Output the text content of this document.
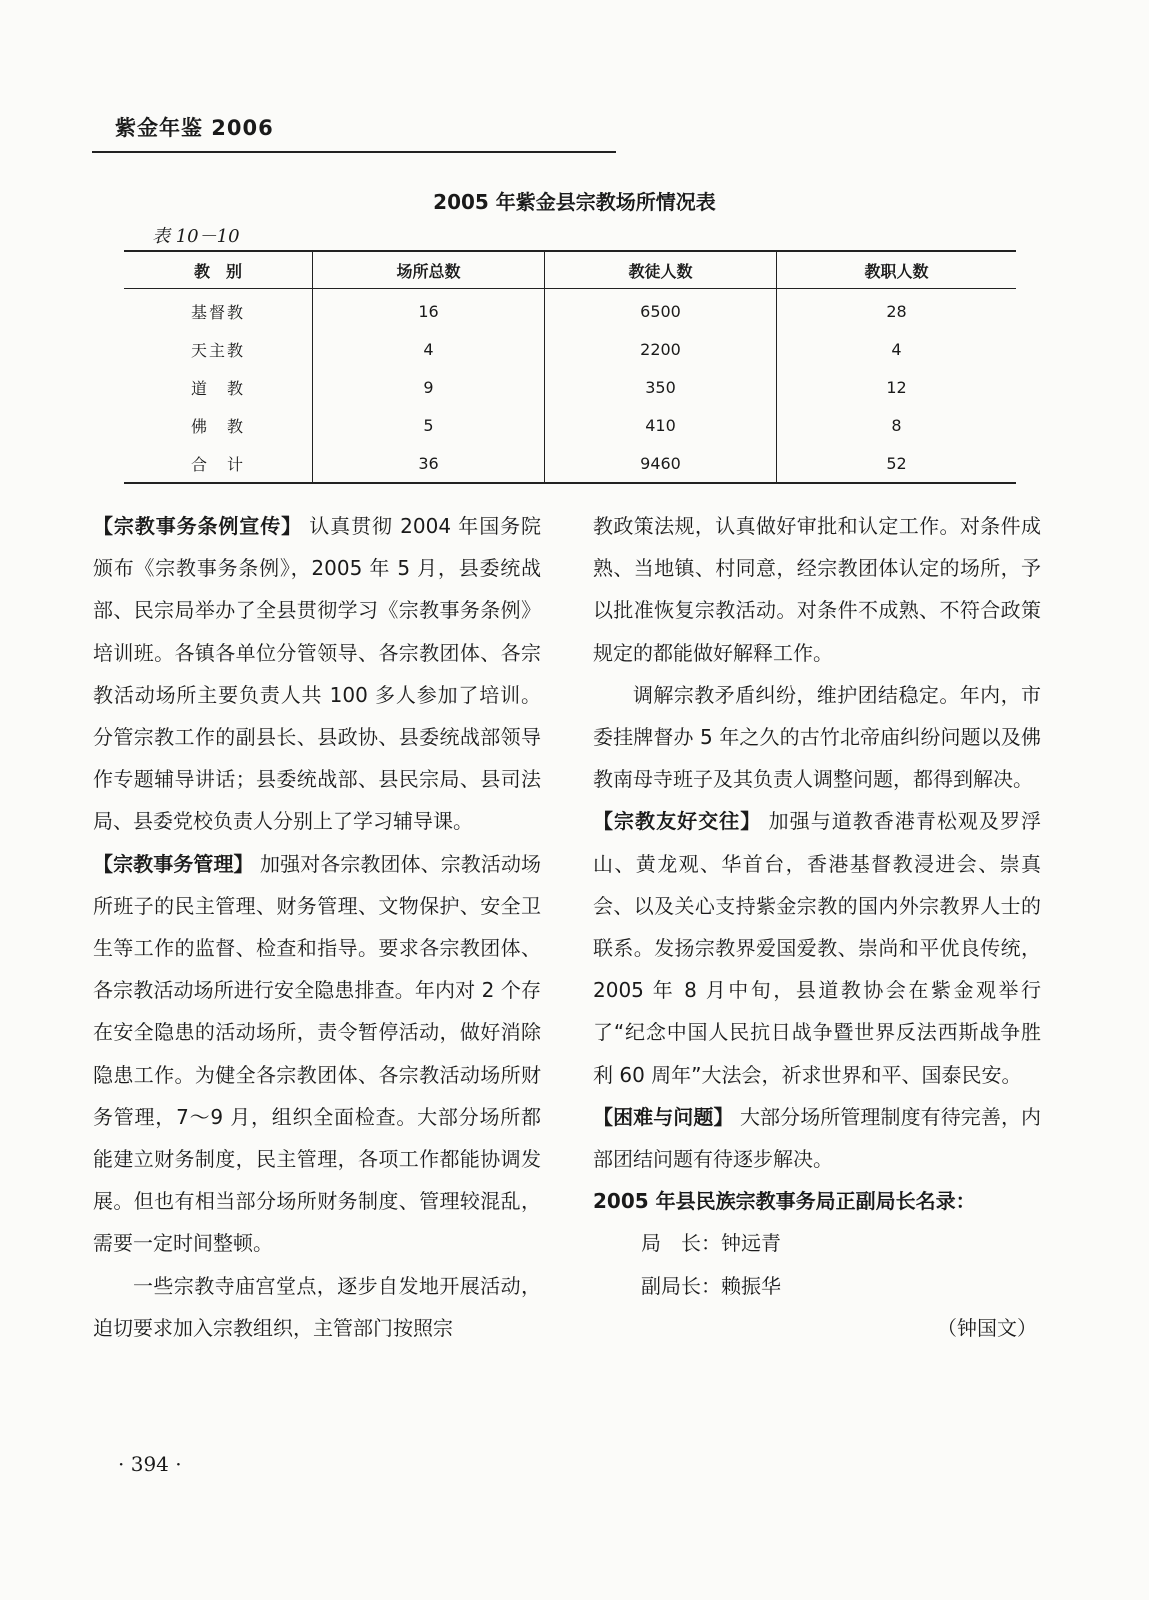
紫金年鉴 2006
2005 年紫金县宗教场所情况表
表 10－10
教　别	场所总数	教徒人数	教职人数
基督教	16	6500	28
天主教	4	2200	4
道　教	9	350	12
佛　教	5	410	8
合　计	36	9460	52

【宗教事务条例宣传】 认真贯彻 2004 年国务院颁布《宗教事务条例》，2005 年 5 月，县委统战部、民宗局举办了全县贯彻学习《宗教事务条例》培训班。各镇各单位分管领导、各宗教团体、各宗教活动场所主要负责人共 100 多人参加了培训。分管宗教工作的副县长、县政协、县委统战部领导作专题辅导讲话；县委统战部、县民宗局、县司法局、县委党校负责人分别上了学习辅导课。

【宗教事务管理】 加强对各宗教团体、宗教活动场所班子的民主管理、财务管理、文物保护、安全卫生等工作的监督、检查和指导。要求各宗教团体、各宗教活动场所进行安全隐患排查。年内对 2 个存在安全隐患的活动场所，责令暂停活动，做好消除隐患工作。为健全各宗教团体、各宗教活动场所财务管理，7～9 月，组织全面检查。大部分场所都能建立财务制度，民主管理，各项工作都能协调发展。但也有相当部分场所财务制度、管理较混乱，需要一定时间整顿。

一些宗教寺庙宫堂点，逐步自发地开展活动，迫切要求加入宗教组织，主管部门按照宗

教政策法规，认真做好审批和认定工作。对条件成熟、当地镇、村同意，经宗教团体认定的场所，予以批准恢复宗教活动。对条件不成熟、不符合政策规定的都能做好解释工作。

调解宗教矛盾纠纷，维护团结稳定。年内，市委挂牌督办 5 年之久的古竹北帝庙纠纷问题以及佛教南母寺班子及其负责人调整问题，都得到解决。

【宗教友好交往】 加强与道教香港青松观及罗浮山、黄龙观、华首台，香港基督教浸进会、崇真会、以及关心支持紫金宗教的国内外宗教界人士的联系。发扬宗教界爱国爱教、崇尚和平优良传统，2005 年 8 月中旬，县道教协会在紫金观举行了“纪念中国人民抗日战争暨世界反法西斯战争胜利 60 周年”大法会，祈求世界和平、国泰民安。

【困难与问题】 大部分场所管理制度有待完善，内部团结问题有待逐步解决。

2005 年县民族宗教事务局正副局长名录：

局　长：钟远青

副局长：赖振华

（钟国文）

· 394 ·
